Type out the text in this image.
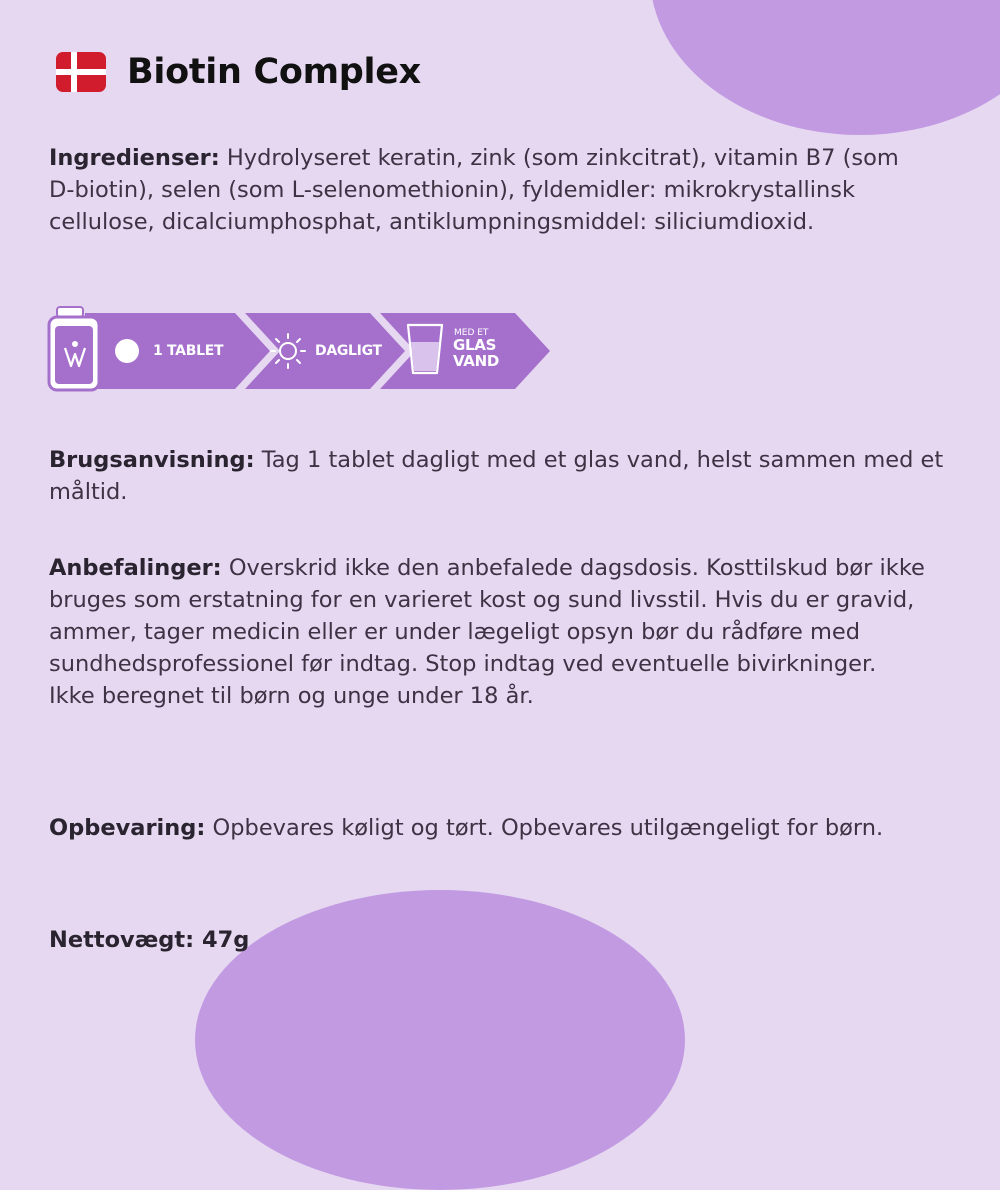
Biotin Complex
Ingredienser: Hydrolyseret keratin, zink (som zinkcitrat), vitamin B7 (som D-biotin), selen (som L-selenomethionin), fyldemidler: mikrokrystallinsk cellulose, dicalciumphosphat, antiklumpningsmiddel: siliciumdioxid.
1 TABLET	DAGLIGT
MED ET
GLAS
VAND
Brugsanvisning: Tag 1 tablet dagligt med et glas vand, helst sammen med et måltid.
Anbefalinger: Overskrid ikke den anbefalede dagsdosis. Kosttilskud bør ikke bruges som erstatning for en varieret kost og sund livsstil. Hvis du er gravid, ammer, tager medicin eller er under lægeligt opsyn bør du rådføre med sundhedsprofessionel før indtag. Stop indtag ved eventuelle bivirkninger. Ikke beregnet til børn og unge under 18 år.
Opbevaring: Opbevares køligt og tørt. Opbevares utilgængeligt for børn.
Nettovægt: 47g
